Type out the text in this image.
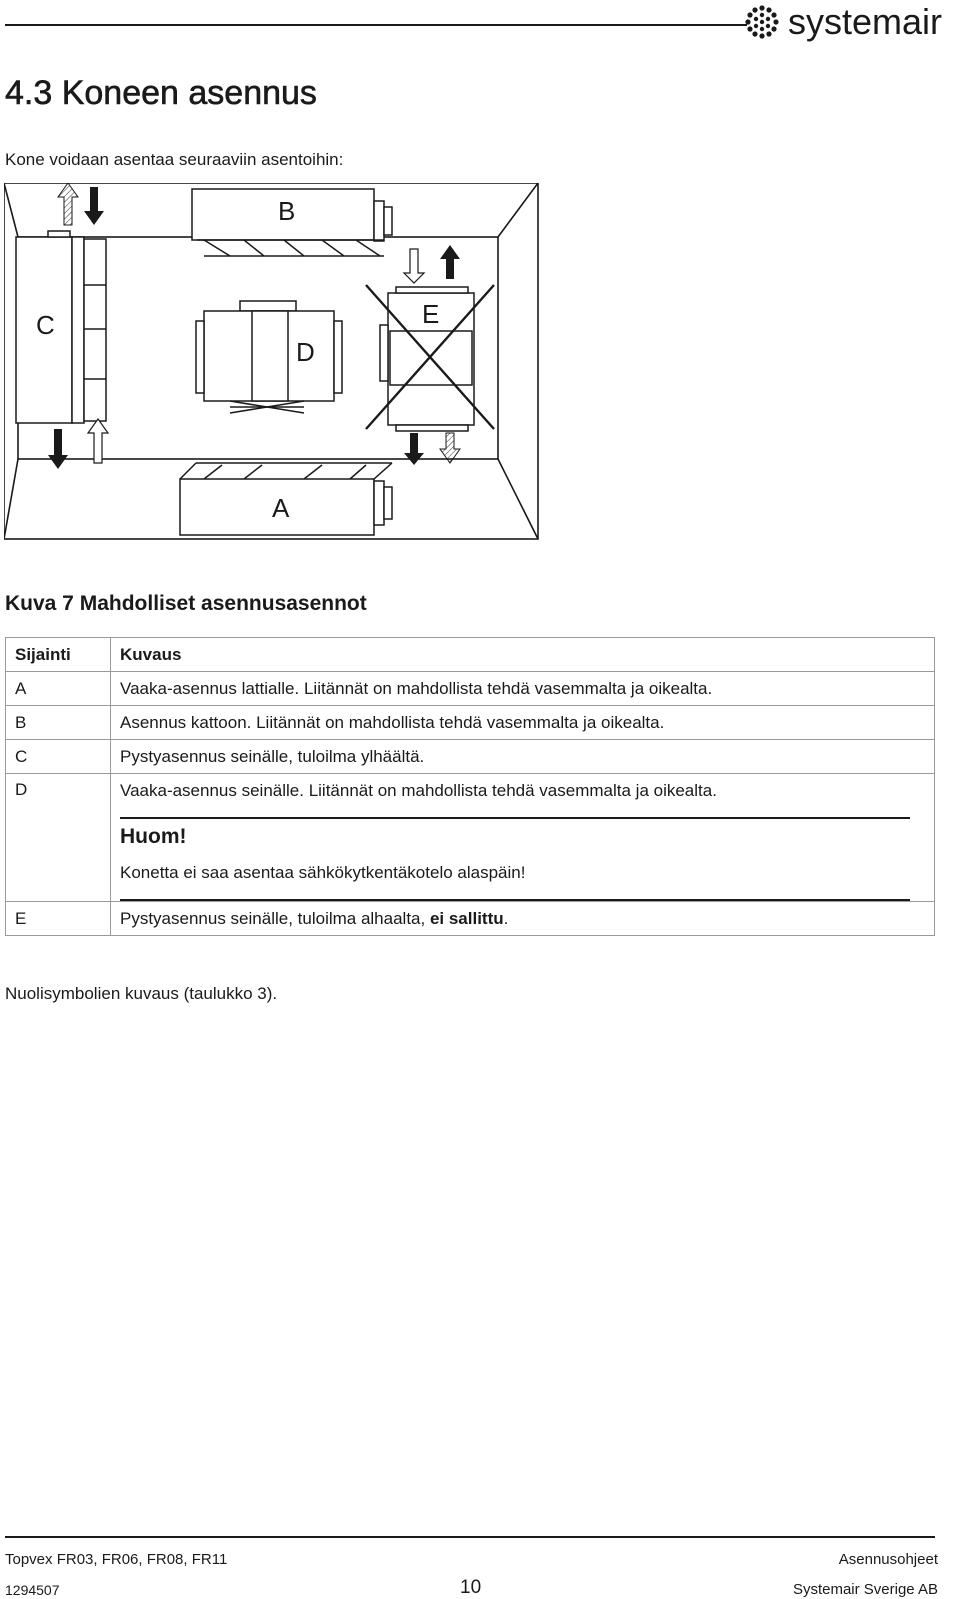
systemair
4.3 Koneen asennus
Kone voidaan asentaa seuraaviin asentoihin:
B
C
D
E
A
Kuva 7 Mahdolliset asennusasennot
Sijainti	Kuvaus
A	Vaaka-asennus lattialle. Liitännät on mahdollista tehdä vasemmalta ja oikealta.
B	Asennus kattoon. Liitännät on mahdollista tehdä vasemmalta ja oikealta.
C	Pystyasennus seinälle, tuloilma ylhäältä.
D	Vaaka-asennus seinälle. Liitännät on mahdollista tehdä vasemmalta ja oikealta.

	Huom!
Konetta ei saa asentaa sähkökytkentäkotelo alaspäin!

E	Pystyasennus seinälle, tuloilma alhaalta, ei sallittu.
Nuolisymbolien kuvaus (taulukko 3).
Topvex FR03, FR06, FR08, FR11	Asennusohjeet
1294507	10	Systemair Sverige AB
